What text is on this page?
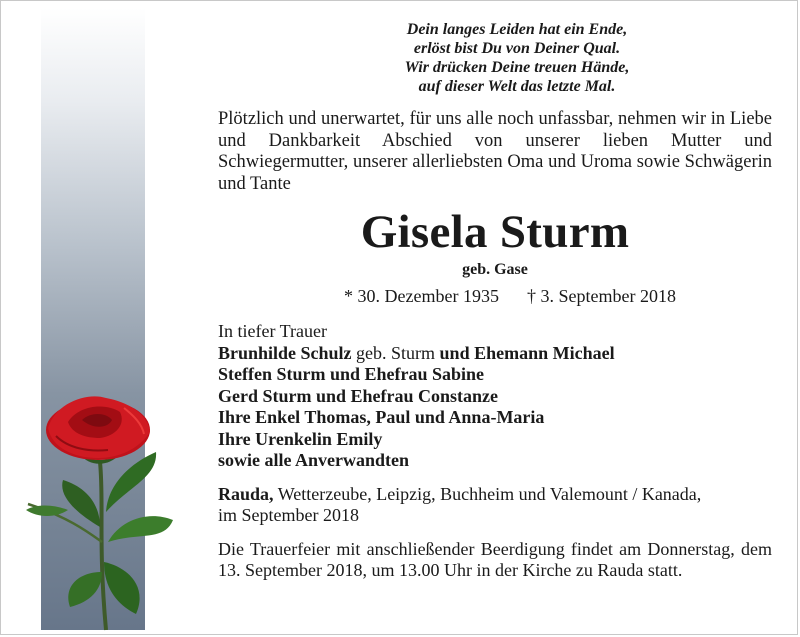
Dein langes Leiden hat ein Ende,
erlöst bist Du von Deiner Qual.
Wir drücken Deine treuen Hände,
auf dieser Welt das letzte Mal.
Plötzlich und unerwartet, für uns alle noch unfassbar, nehmen wir in Liebe und Dankbarkeit Abschied von unserer lieben Mutter und Schwiegermutter, unserer allerliebsten Oma und Uroma sowie Schwägerin und Tante
Gisela Sturm
geb. Gase
* 30. Dezember 1935 † 3. September 2018
In tiefer Trauer
Brunhilde Schulz geb. Sturm und Ehemann Michael
Steffen Sturm und Ehefrau Sabine
Gerd Sturm und Ehefrau Constanze
Ihre Enkel Thomas, Paul und Anna-Maria
Ihre Urenkelin Emily
sowie alle Anverwandten
Rauda, Wetterzeube, Leipzig, Buchheim und Valemount / Kanada,
im September 2018
Die Trauerfeier mit anschließender Beerdigung findet am Donnerstag, dem 13. September 2018, um 13.00 Uhr in der Kirche zu Rauda statt.
